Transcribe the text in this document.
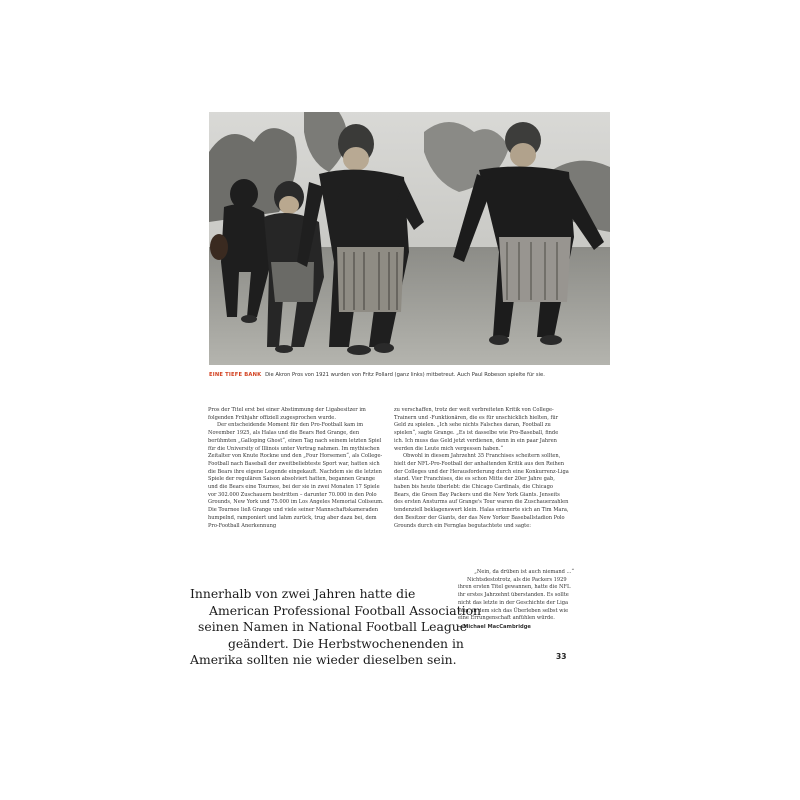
EINE TIEFE BANK Die Akron Pros von 1921 wurden von Fritz Pollard (ganz links) mitbetreut. Auch Paul Robeson spielte für sie.

Pros der Titel erst bei einer Abstimmung der Ligabesitzer im folgenden Frühjahr offiziell zugesprochen wurde.

Der entscheidende Moment für den Pro-Football kam im November 1925, als Halas und die Bears Red Grange, den berühmten „Galloping Ghost“, einen Tag nach seinem letzten Spiel für die University of Illinois unter Vertrag nahmen. Im mythischen Zeitalter von Knute Rockne und den „Four Horsemen“, als College-Football nach Baseball der zweitbeliebteste Sport war, hatten sich die Bears ihre eigene Legende eingekauft. Nachdem sie die letzten Spiele der regulären Saison absolviert hatten, begannen Grange und die Bears eine Tournee, bei der sie in zwei Monaten 17 Spiele vor 302.000 Zuschauern bestritten – darunter 70.000 in den Polo Grounds, New York und 75.000 im Los Angeles Memorial Coliseum. Die Tournee ließ Grange und viele seiner Mannschaftskameraden humpelnd, ramponiert und lahm zurück, trug aber dazu bei, dem Pro-Football Anerkennung

zu verschaffen, trotz der weit verbreiteten Kritik von College-Trainern und -Funktionären, die es für unschicklich hielten, für Geld zu spielen. „Ich sehe nichts Falsches daran, Football zu spielen“, sagte Grange. „Es ist dasselbe wie Pro-Baseball, finde ich. Ich muss das Geld jetzt verdienen, denn in ein paar Jahren werden die Leute mich vergessen haben.“

Obwohl in diesem Jahrzehnt 35 Franchises scheitern sollten, hielt der NFL-Pro-Football der anhaltenden Kritik aus den Reihen der Colleges und der Herausforderung durch eine Konkurrenz-Liga stand. Vier Franchises, die es schon Mitte der 20er Jahre gab, haben bis heute überlebt: die Chicago Cardinals, die Chicago Bears, die Green Bay Packers und die New York Giants. Jenseits des ersten Ansturms auf Grange's Tour waren die Zuschauerzahlen tendenziell beklagenswert klein. Halas erinnerte sich an Tim Mara, den Besitzer der Giants, der das New Yorker Baseballstadion Polo Grounds durch ein Fernglas begutachtete und sagte:

„Nein, da drüben ist auch niemand ...“

Nichtsdestotrotz, als die Packers 1929 ihren ersten Titel gewannen, hatte die NFL ihr erstes Jahrzehnt überstanden. Es sollte nicht das letzte in der Geschichte der Liga sein, in dem sich das Überleben selbst wie eine Errungenschaft anfühlen würde.

—Michael MacCambridge
Innerhalb von zwei Jahren hatte die
American Professional Football Association
seinen Namen in National Football League
geändert. Die Herbstwochenenden in
Amerika sollten nie wieder dieselben sein.	33
